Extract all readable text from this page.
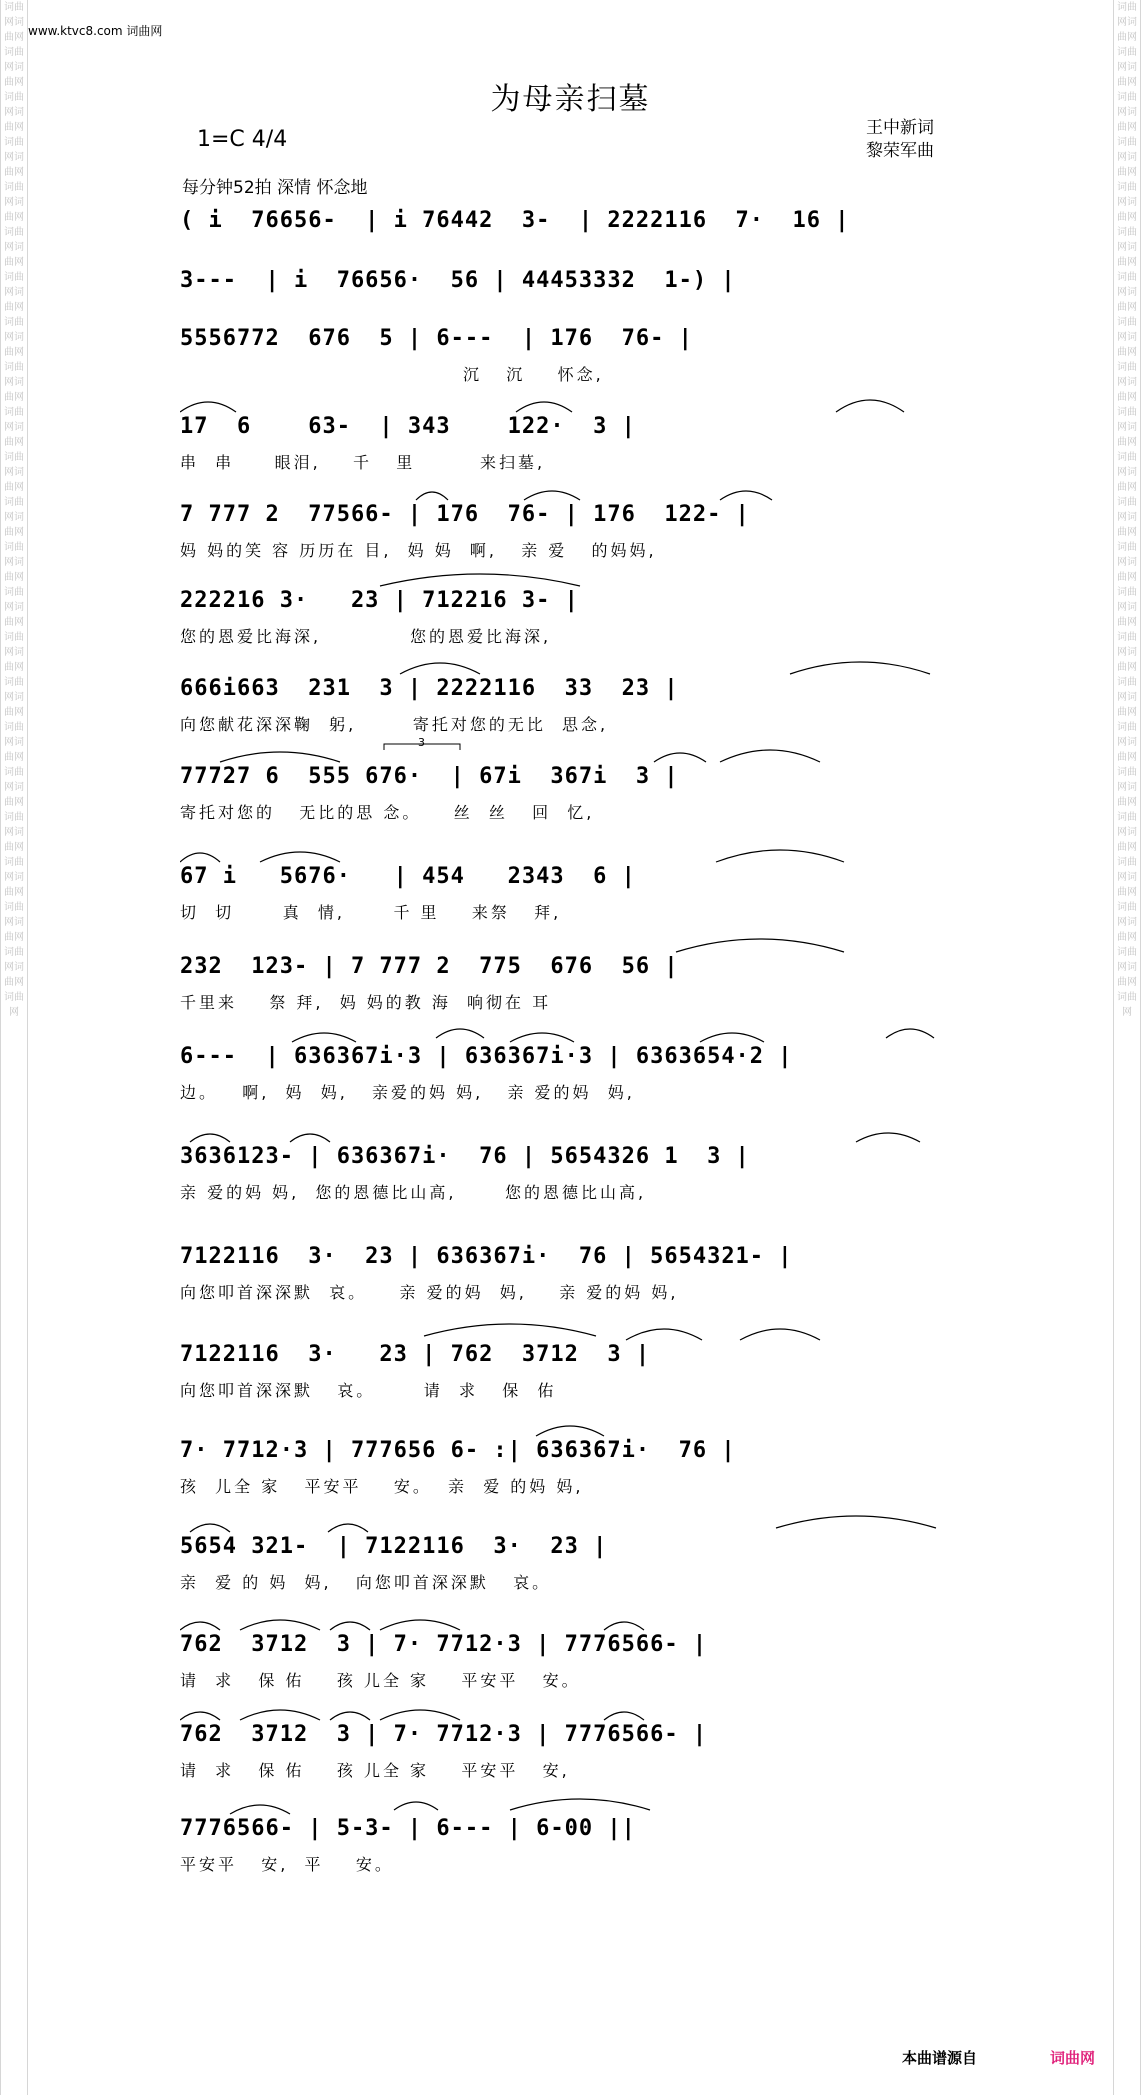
词曲网词曲网词曲网词曲网词曲网词曲网词曲网词曲网词曲网词曲网词曲网词曲网词曲网词曲网词曲网词曲网词曲网词曲网词曲网词曲网词曲网词曲网词曲网词曲网词曲网词曲网词曲网词曲网词曲网词曲网词曲网词曲网词曲网词曲网词曲网词曲网词曲网词曲网词曲网词曲网词曲网词曲网词曲网词曲网词曲网
词曲网词曲网词曲网词曲网词曲网词曲网词曲网词曲网词曲网词曲网词曲网词曲网词曲网词曲网词曲网词曲网词曲网词曲网词曲网词曲网词曲网词曲网词曲网词曲网词曲网词曲网词曲网词曲网词曲网词曲网词曲网词曲网词曲网词曲网词曲网词曲网词曲网词曲网词曲网词曲网词曲网词曲网词曲网词曲网词曲网
www.ktvc8.com 词曲网
为母亲扫墓
1=C 4/4	王中新词
黎荣军曲
每分钟52拍 深情 怀念地
( i  76656-  | i 76442  3-  | 2222116  7·  16 |
3---  | i  76656·  56 | 44453332  1-) |
5556772  676  5 | 6---  | 176  76- |
沉   沉    怀念,
17  6    63-  | 343    122·  3 |
串  串     眼泪,    千   里        来扫墓,
7 777 2  77566- | 176  76- | 176  122- |
妈 妈的笑 容 历历在 目,  妈 妈  啊,   亲 爱   的妈妈,
222216 3·   23 | 712216 3- |
您的恩爱比海深,           您的恩爱比海深,
666i663  231  3 | 2222116  33  23 |
向您献花深深鞠  躬,       寄托对您的无比  思念,
3
77727 6  555 676·  | 67i  367i  3 |
寄托对您的   无比的思 念。    丝  丝   回  忆,
67 i   5676·   | 454   2343  6 |
切  切      真  情,      千 里    来祭   拜,
232  123- | 7 777 2  775  676  56 |
千里来    祭 拜,  妈 妈的教 海  响彻在 耳
6---  | 636367i·3 | 636367i·3 | 6363654·2 |
边。   啊,  妈  妈,   亲爱的妈 妈,   亲 爱的妈  妈,
3636123- | 636367i·  76 | 5654326 1  3 |
亲 爱的妈 妈,  您的恩德比山高,      您的恩德比山高,
7122116  3·  23 | 636367i·  76 | 5654321- |
向您叩首深深默  哀。    亲 爱的妈  妈,    亲 爱的妈 妈,
7122116  3·   23 | 762  3712  3 |
向您叩首深深默   哀。      请  求   保  佑
7· 7712·3 | 777656 6- :| 636367i·  76 |
孩  儿全 家   平安平    安。  亲  爱 的妈 妈,
5654 321-  | 7122116  3·  23 |
亲  爱 的 妈  妈,   向您叩首深深默   哀。
762  3712  3 | 7· 7712·3 | 7776566- |
请  求   保 佑    孩 儿全 家    平安平   安。
762  3712  3 | 7· 7712·3 | 7776566- |
请  求   保 佑    孩 儿全 家    平安平   安,
7776566- | 5-3- | 6--- | 6-00 ||
平安平   安,  平    安。
本曲谱源自	词曲网
